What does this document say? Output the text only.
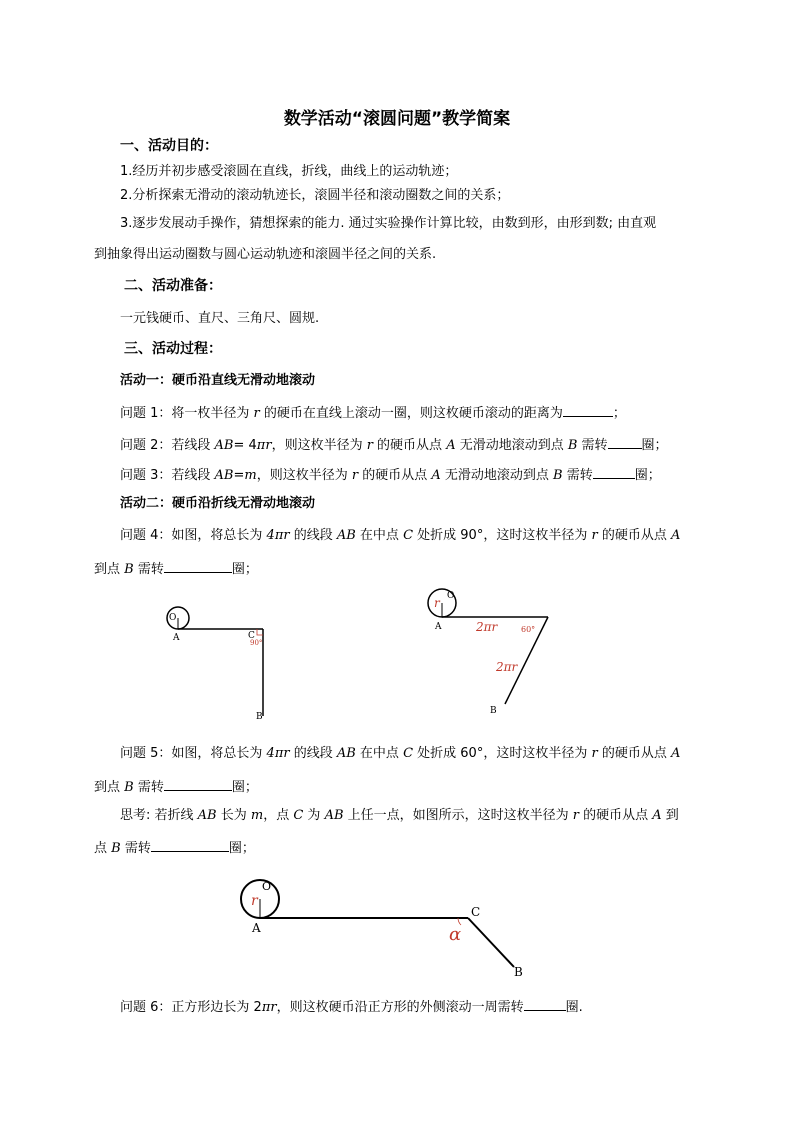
数学活动“滚圆问题”教学简案
一、活动目的：
1.经历并初步感受滚圆在直线，折线，曲线上的运动轨迹；
2.分析探索无滑动的滚动轨迹长，滚圆半径和滚动圈数之间的关系；
3.逐步发展动手操作，猜想探索的能力. 通过实验操作计算比较，由数到形，由形到数; 由直观
到抽象得出运动圈数与圆心运动轨迹和滚圆半径之间的关系.
二、活动准备：
一元钱硬币、直尺、三角尺、圆规.
三、活动过程：
活动一：硬币沿直线无滑动地滚动
问题 1：将一枚半径为 r 的硬币在直线上滚动一圈，则这枚硬币滚动的距离为	；
问题 2：若线段 AB= 4πr，则这枚半径为 r 的硬币从点 A 无滑动地滚动到点 B 需转	圈；
问题 3：若线段 AB=m，则这枚半径为 r 的硬币从点 A 无滑动地滚动到点 B 需转	圈；
活动二：硬币沿折线无滑动地滚动
问题 4：如图，将总长为 4πr 的线段 AB 在中点 C 处折成 90°，这时这枚半径为 r 的硬币从点 A
到点 B 需转	圈；
O
A	C
90°
B
r O
A	2πr	60°
2πr
B
问题 5：如图，将总长为 4πr 的线段 AB 在中点 C 处折成 60°，这时这枚半径为 r 的硬币从点 A
到点 B 需转	圈；
思考: 若折线 AB 长为 m，点 C 为 AB 上任一点，如图所示，这时这枚半径为 r 的硬币从点 A 到
点 B 需转	圈；
r
O
A
C
α
B
问题 6：正方形边长为 2πr，则这枚硬币沿正方形的外侧滚动一周需转	圈.
